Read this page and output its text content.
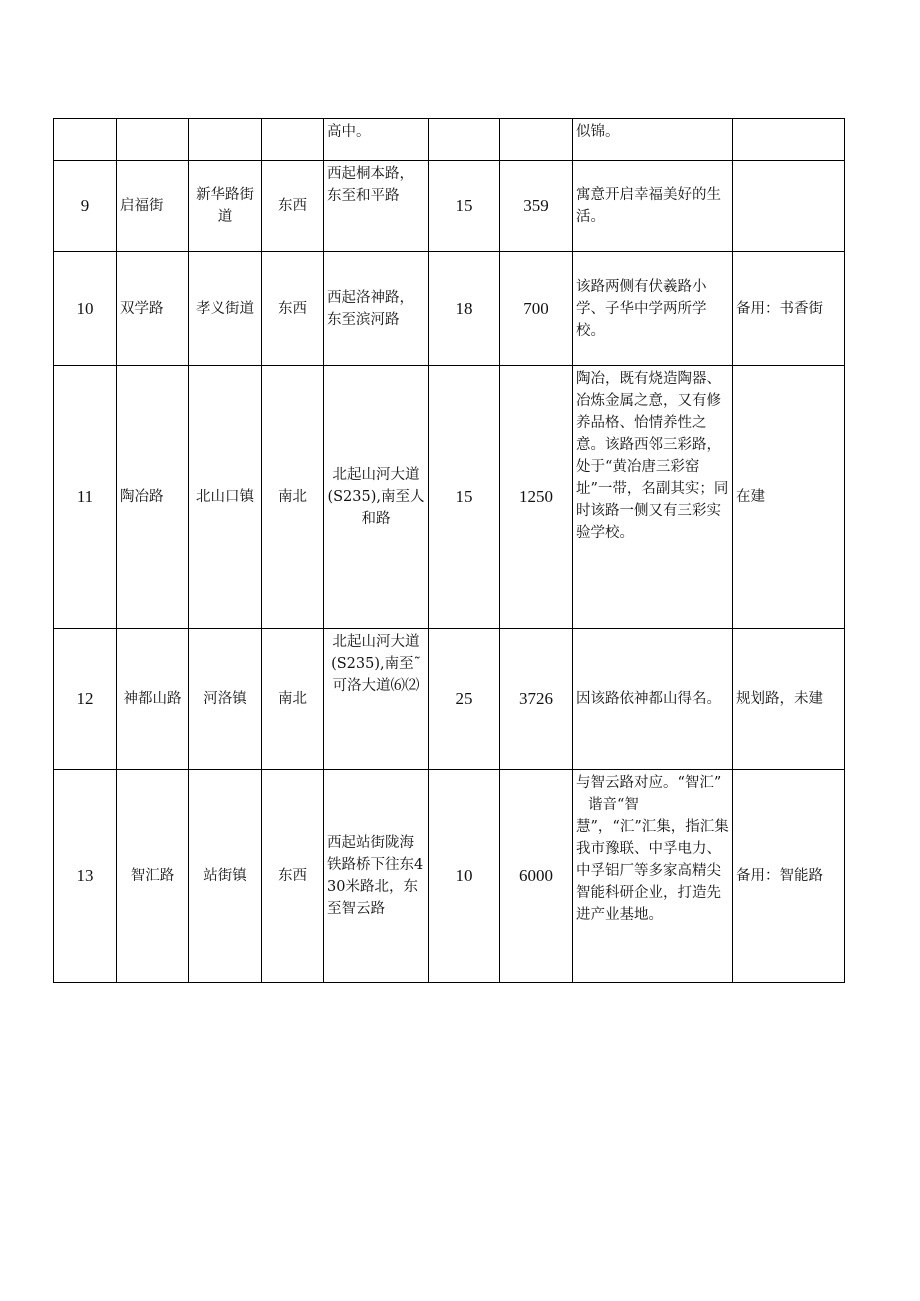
				高中。			似锦。	
9	启福街	新华路街道	东西	西起桐本路，东至和平路	15	359	寓意开启幸福美好的生活。	
10	双学路	孝义街道	东西	西起洛神路，东至滨河路	18	700	该路两侧有伏羲路小学、子华中学两所学校。	备用：书香街
11	陶冶路	北山口镇	南北	北起山河大道(S235),南至人和路	15	1250	陶冶，既有烧造陶器、冶炼金属之意，又有修养品格、怡情养性之意。该路西邻三彩路，处于“黄冶唐三彩窑址”一带，名副其实；同时该路一侧又有三彩实验学校。	在建
12	神都山路	河洛镇	南北	北起山河大道
(S235),南至˜
可洛大道⑹⑵	25	3726	因该路依神都山得名。	规划路，未建
13	智汇路	站街镇	东西	西起站街陇海铁路桥下往东430米路北，东至智云路	10	6000	与智云路对应。“智汇”
谐音“智
慧”，“汇”汇集，指汇集我市豫联、中孚电力、中孚铝厂等多家高精尖智能科研企业，打造先进产业基地。	备用：智能路
